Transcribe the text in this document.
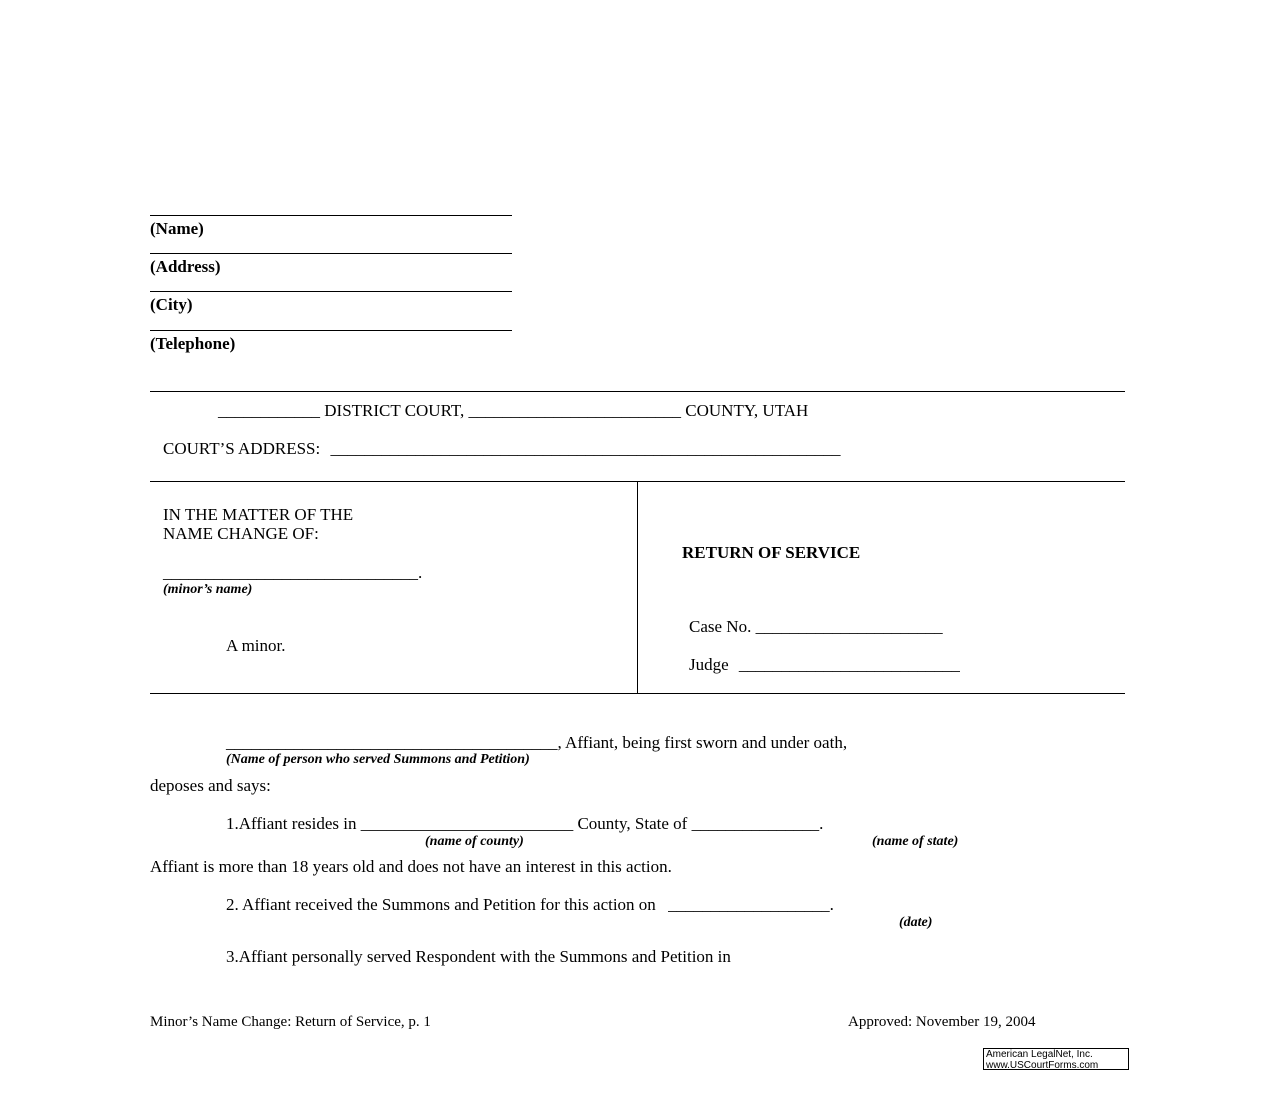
(Name)
(Address)
(City)
(Telephone)
____________ DISTRICT COURT, _________________________ COUNTY, UTAH
COURT’S ADDRESS: ____________________________________________________________
IN THE MATTER OF THE
NAME CHANGE OF:
______________________________.
(minor’s name)
A minor.
RETURN OF SERVICE
Case No. ______________________
Judge __________________________
_______________________________________, Affiant, being first sworn and under oath,
(Name of person who served Summons and Petition)
deposes and says:
1.Affiant resides in _________________________ County, State of _______________.
(name of county)	(name of state)
Affiant is more than 18 years old and does not have an interest in this action.
2. Affiant received the Summons and Petition for this action on ___________________.
(date)
3.Affiant personally served Respondent with the Summons and Petition in
Minor’s Name Change: Return of Service, p. 1	Approved: November 19, 2004
American LegalNet, Inc.
www.USCourtForms.com
